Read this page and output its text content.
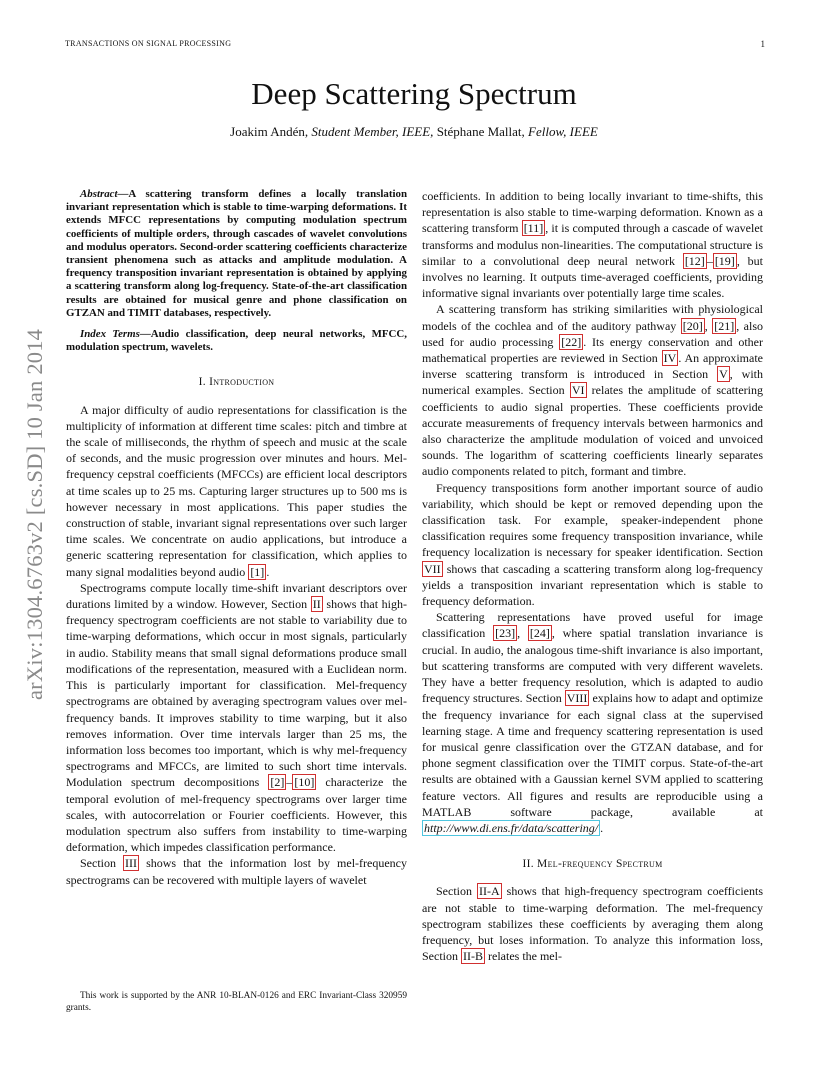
TRANSACTIONS ON SIGNAL PROCESSING	1
arXiv:1304.6763v2 [cs.SD] 10 Jan 2014
Deep Scattering Spectrum
Joakim Andén, Student Member, IEEE, Stéphane Mallat, Fellow, IEEE

Abstract—A scattering transform defines a locally translation invariant representation which is stable to time-warping deformations. It extends MFCC representations by computing modulation spectrum coefficients of multiple orders, through cascades of wavelet convolutions and modulus operators. Second-order scattering coefficients characterize transient phenomena such as attacks and amplitude modulation. A frequency transposition invariant representation is obtained by applying a scattering transform along log-frequency. State-of-the-art classification results are obtained for musical genre and phone classification on GTZAN and TIMIT databases, respectively.

Index Terms—Audio classification, deep neural networks, MFCC, modulation spectrum, wavelets.

I. Introduction

A major difficulty of audio representations for classification is the multiplicity of information at different time scales: pitch and timbre at the scale of milliseconds, the rhythm of speech and music at the scale of seconds, and the music progression over minutes and hours. Mel-frequency cepstral coefficients (MFCCs) are efficient local descriptors at time scales up to 25 ms. Capturing larger structures up to 500 ms is however necessary in most applications. This paper studies the construction of stable, invariant signal representations over such larger time scales. We concentrate on audio applications, but introduce a generic scattering representation for classification, which applies to many signal modalities beyond audio [1] .

Spectrograms compute locally time-shift invariant descriptors over durations limited by a window. However, Section II shows that high-frequency spectrogram coefficients are not stable to variability due to time-warping deformations, which occur in most signals, particularly in audio. Stability means that small signal deformations produce small modifications of the representation, measured with a Euclidean norm. This is particularly important for classification. Mel-frequency spectrograms are obtained by averaging spectrogram values over mel-frequency bands. It improves stability to time warping, but it also removes information. Over time intervals larger than 25 ms, the information loss becomes too important, which is why mel-frequency spectrograms and MFCCs, are limited to such short time intervals. Modulation spectrum decompositions [2] – [10] characterize the temporal evolution of mel-frequency spectrograms over larger time scales, with autocorrelation or Fourier coefficients. However, this modulation spectrum also suffers from instability to time-warping deformation, which impedes classification performance.

Section III shows that the information lost by mel-frequency spectrograms can be recovered with multiple layers of wavelet

This work is supported by the ANR 10-BLAN-0126 and ERC Invariant-Class 320959 grants.

coefficients. In addition to being locally invariant to time-shifts, this representation is also stable to time-warping deformation. Known as a scattering transform [11] , it is computed through a cascade of wavelet transforms and modulus non-linearities. The computational structure is similar to a convolutional deep neural network [12] – [19] , but involves no learning. It outputs time-averaged coefficients, providing informative signal invariants over potentially large time scales.

A scattering transform has striking similarities with physiological models of the cochlea and of the auditory pathway [20] , [21] , also used for audio processing [22] . Its energy conservation and other mathematical properties are reviewed in Section IV . An approximate inverse scattering transform is introduced in Section V , with numerical examples. Section VI relates the amplitude of scattering coefficients to audio signal properties. These coefficients provide accurate measurements of frequency intervals between harmonics and also characterize the amplitude modulation of voiced and unvoiced sounds. The logarithm of scattering coefficients linearly separates audio components related to pitch, formant and timbre.

Frequency transpositions form another important source of audio variability, which should be kept or removed depending upon the classification task. For example, speaker-independent phone classification requires some frequency transposition invariance, while frequency localization is necessary for speaker identification. Section VII shows that cascading a scattering transform along log-frequency yields a transposition invariant representation which is stable to frequency deformation.

Scattering representations have proved useful for image classification [23] , [24] , where spatial translation invariance is crucial. In audio, the analogous time-shift invariance is also important, but scattering transforms are computed with very different wavelets. They have a better frequency resolution, which is adapted to audio frequency structures. Section VIII explains how to adapt and optimize the frequency invariance for each signal class at the supervised learning stage. A time and frequency scattering representation is used for musical genre classification over the GTZAN database, and for phone segment classification over the TIMIT corpus. State-of-the-art results are obtained with a Gaussian kernel SVM applied to scattering feature vectors. All figures and results are reproducible using a MATLAB software package, available at http://www.di.ens.fr/data/scattering/ .

II. Mel-frequency Spectrum

Section II-A shows that high-frequency spectrogram coefficients are not stable to time-warping deformation. The mel-frequency spectrogram stabilizes these coefficients by averaging them along frequency, but loses information. To analyze this information loss, Section II-B relates the mel-
